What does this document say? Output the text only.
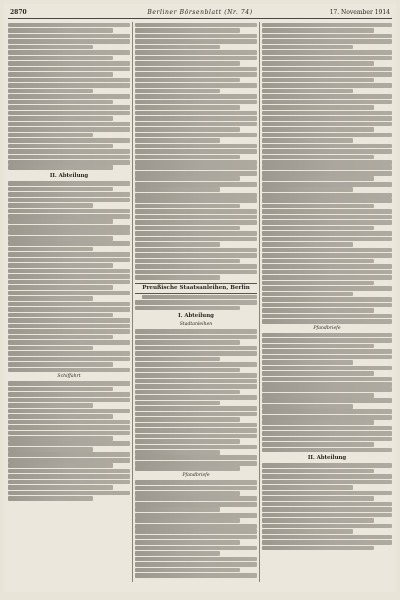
2870	Berliner Börsenblatt (Nr. 74)	17. November 1914
II. Abteilung
Schiffahrt
Preußische Staatsanleihen, Berlin
I. Abteilung
Stadtanleihen
Pfandbriefe
Pfandbriefe
II. Abteilung
